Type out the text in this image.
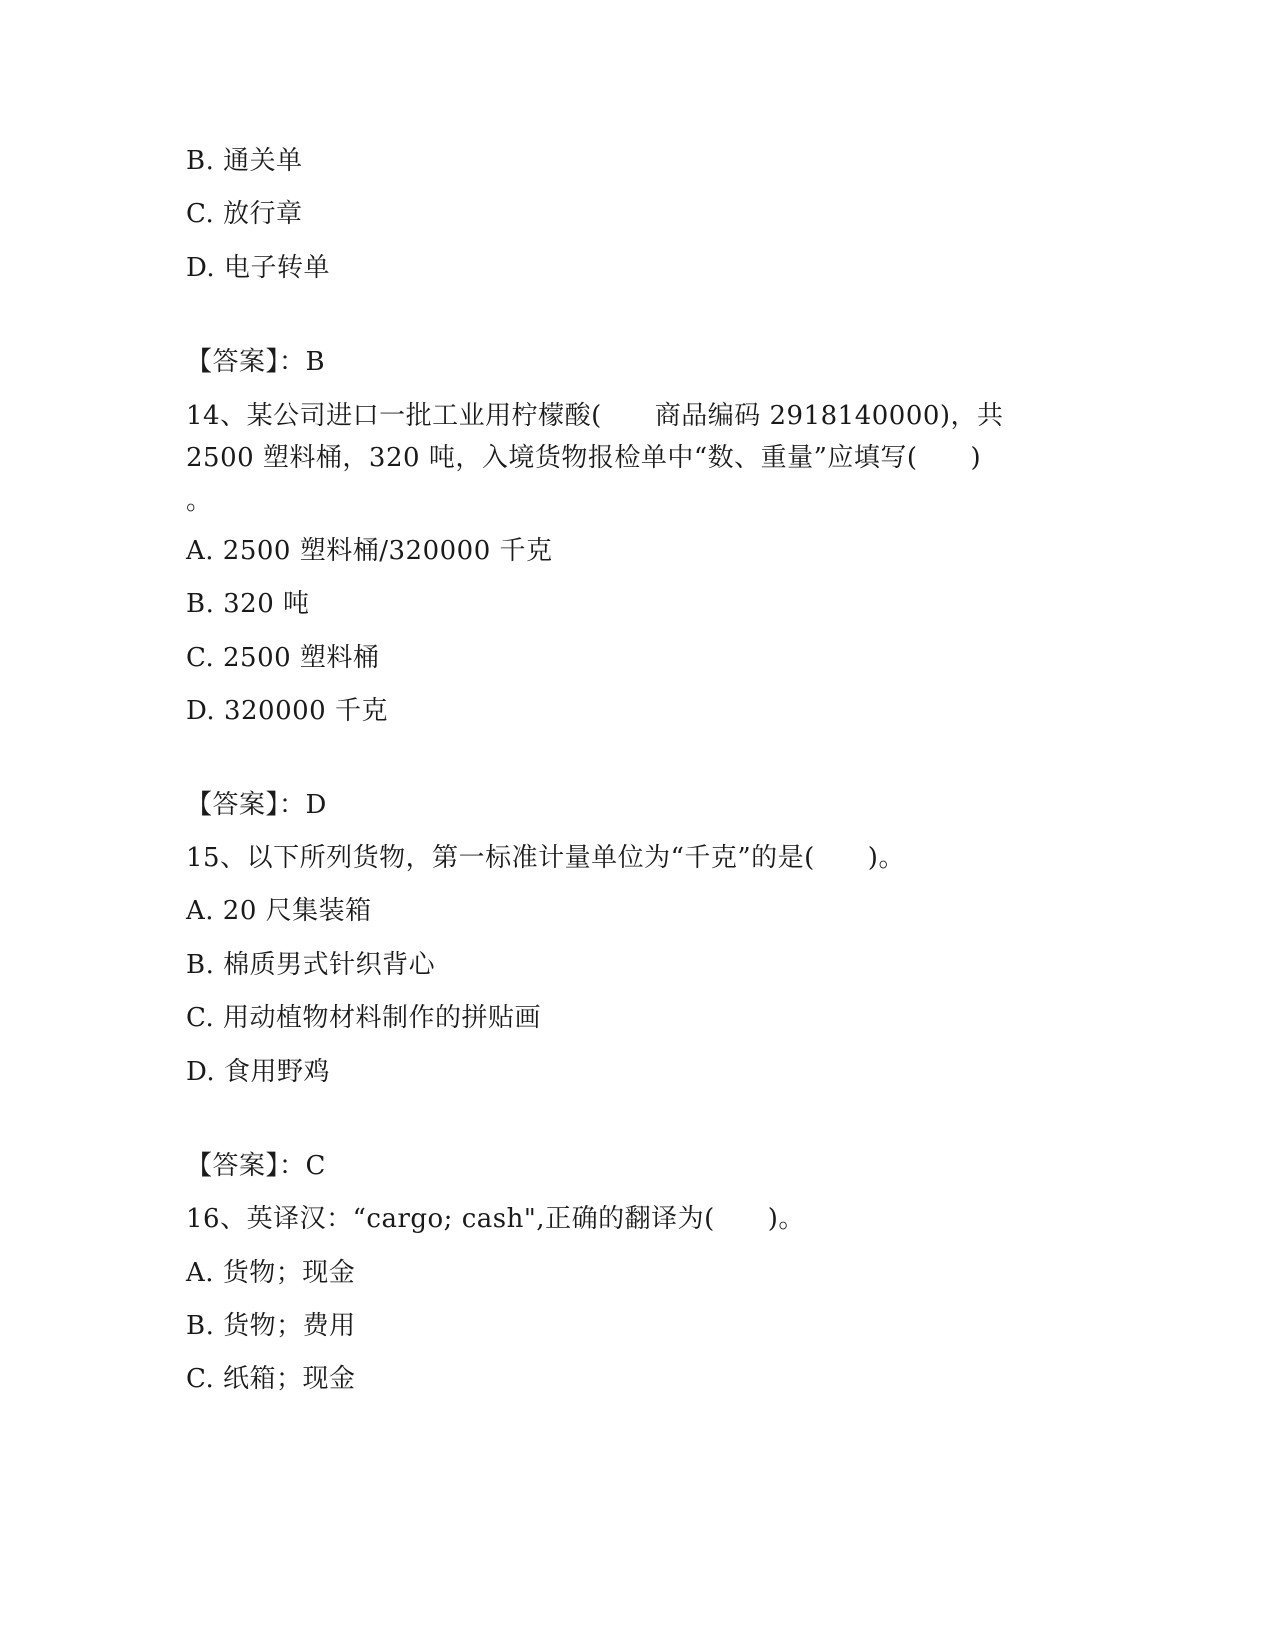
B. 通关单
C. 放行章
D. 电子转单
【答案】：B
14、某公司进口一批工业用柠檬酸(　　商品编码 2918140000)，共
2500 塑料桶，320 吨，入境货物报检单中“数、重量”应填写(　　)
。
A. 2500 塑料桶/320000 千克
B. 320 吨
C. 2500 塑料桶
D. 320000 千克
【答案】：D
15、以下所列货物，第一标准计量单位为“千克”的是(　　)。
A. 20 尺集装箱
B. 棉质男式针织背心
C. 用动植物材料制作的拼贴画
D. 食用野鸡
【答案】：C
16、英译汉：“cargo; cash",正确的翻译为(　　)。
A. 货物；现金
B. 货物；费用
C. 纸箱；现金
